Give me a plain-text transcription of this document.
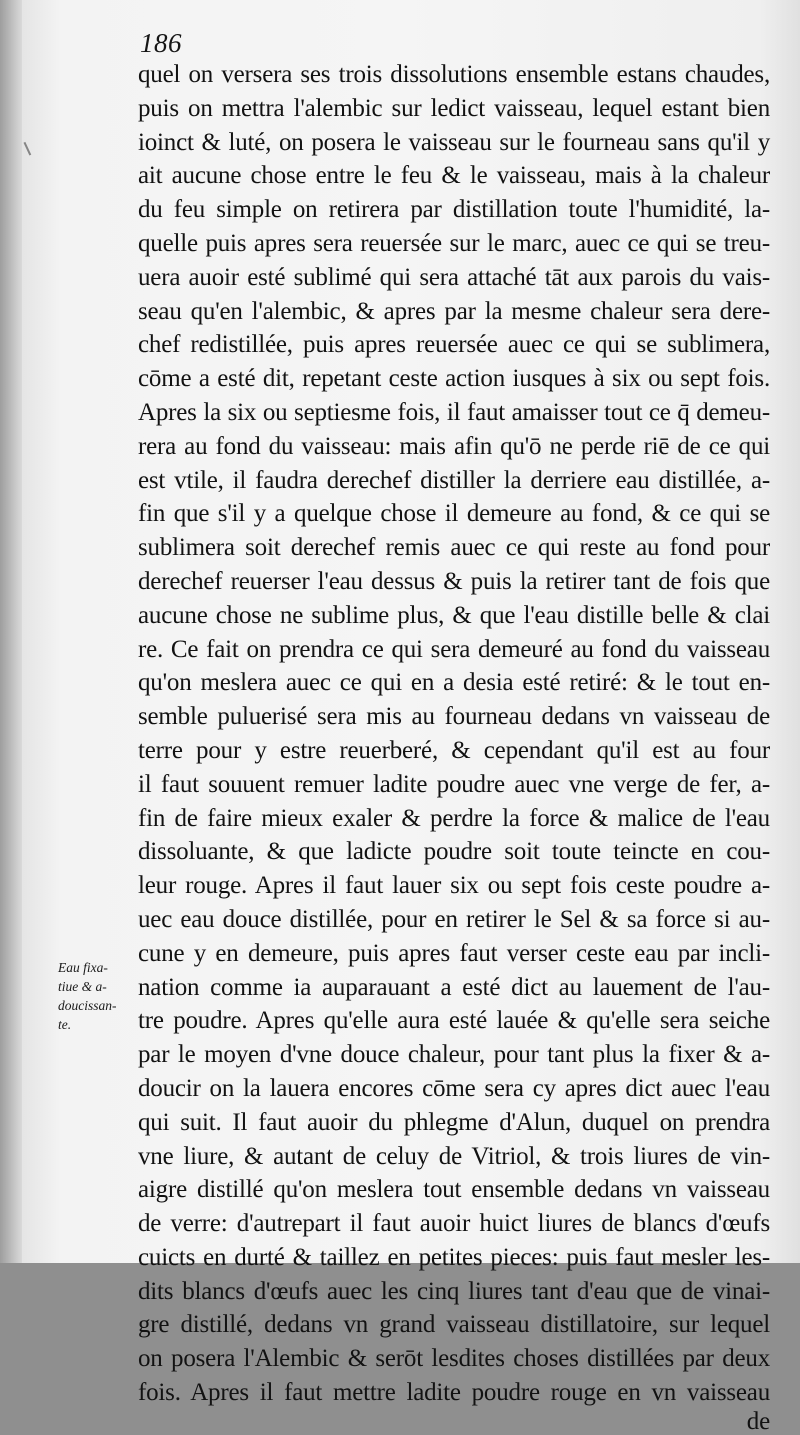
186
quel on versera ses trois dissolutions ensemble estans chaudes,
puis on mettra l'alembic sur ledict vaisseau, lequel estant bien
ioinct & luté, on posera le vaisseau sur le fourneau sans qu'il y
ait aucune chose entre le feu & le vaisseau, mais à la chaleur
du feu simple on retirera par distillation toute l'humidité, la-
quelle puis apres sera reuersée sur le marc, auec ce qui se treu-
uera auoir esté sublimé qui sera attaché tāt aux parois du vais-
seau qu'en l'alembic, & apres par la mesme chaleur sera dere-
chef redistillée, puis apres reuersée auec ce qui se sublimera,
cōme a esté dit, repetant ceste action iusques à six ou sept fois.
Apres la six ou septiesme fois, il faut amaisser tout ce q̄ demeu-
rera au fond du vaisseau: mais afin qu'ō ne perde riē de ce qui
est vtile, il faudra derechef distiller la derriere eau distillée, a-
fin que s'il y a quelque chose il demeure au fond, & ce qui se
sublimera soit derechef remis auec ce qui reste au fond pour
derechef reuerser l'eau dessus & puis la retirer tant de fois que
aucune chose ne sublime plus, & que l'eau distille belle & clai
re. Ce fait on prendra ce qui sera demeuré au fond du vaisseau
qu'on meslera auec ce qui en a desia esté retiré: & le tout en-
semble puluerisé sera mis au fourneau dedans vn vaisseau de
terre pour y estre reuerberé, & cependant qu'il est au four
il faut souuent remuer ladite poudre auec vne verge de fer, a-
fin de faire mieux exaler & perdre la force & malice de l'eau
dissoluante, & que ladicte poudre soit toute teincte en cou-
leur rouge. Apres il faut lauer six ou sept fois ceste poudre a-
uec eau douce distillée, pour en retirer le Sel & sa force si au-
cune y en demeure, puis apres faut verser ceste eau par incli-
nation comme ia auparauant a esté dict au lauement de l'au-
tre poudre. Apres qu'elle aura esté lauée & qu'elle sera seiche
par le moyen d'vne douce chaleur, pour tant plus la fixer & a-
doucir on la lauera encores cōme sera cy apres dict auec l'eau
qui suit. Il faut auoir du phlegme d'Alun, duquel on prendra
vne liure, & autant de celuy de Vitriol, & trois liures de vin-
aigre distillé qu'on meslera tout ensemble dedans vn vaisseau
de verre: d'autrepart il faut auoir huict liures de blancs d'œufs
cuicts en durté & taillez en petites pieces: puis faut mesler les-
dits blancs d'œufs auec les cinq liures tant d'eau que de vinai-
gre distillé, dedans vn grand vaisseau distillatoire, sur lequel
on posera l'Alembic & serōt lesdites choses distillées par deux
fois. Apres il faut mettre ladite poudre rouge en vn vaisseau
de
Eau fixa-
tiue & a-
doucissan-
te.
